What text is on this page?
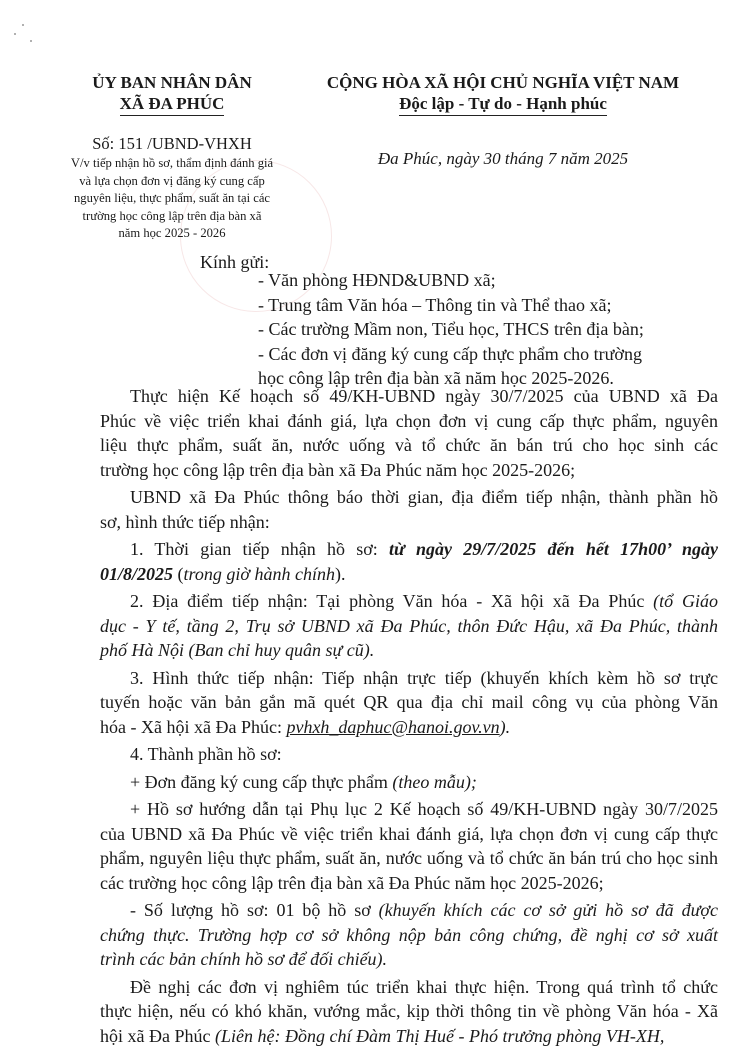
ỦY BAN NHÂN DÂN
XÃ ĐA PHÚC
Số: 151 /UBND-VHXH
V/v tiếp nhận hồ sơ, thẩm định đánh giá
và lựa chọn đơn vị đăng ký cung cấp
nguyên liệu, thực phẩm, suất ăn tại các
trường học công lập trên địa bàn xã
năm học 2025 - 2026
CỘNG HÒA XÃ HỘI CHỦ NGHĨA VIỆT NAM
Độc lập - Tự do - Hạnh phúc
Đa Phúc, ngày 30 tháng 7 năm 2025
Kính gửi:
- Văn phòng HĐND&UBND xã;
- Trung tâm Văn hóa – Thông tin và Thể thao xã;
- Các trường Mầm non, Tiểu học, THCS trên địa bàn;
- Các đơn vị đăng ký cung cấp thực phẩm cho trường
học công lập trên địa bàn xã năm học 2025-2026.
Thực hiện Kế hoạch số 49/KH-UBND ngày 30/7/2025 của UBND xã Đa
Phúc về việc triển khai đánh giá, lựa chọn đơn vị cung cấp thực phẩm, nguyên
liệu thực phẩm, suất ăn, nước uống và tổ chức ăn bán trú cho học sinh các
trường học công lập trên địa bàn xã Đa Phúc năm học 2025-2026;
UBND xã Đa Phúc thông báo thời gian, địa điểm tiếp nhận, thành phần hồ
sơ, hình thức tiếp nhận:
1. Thời gian tiếp nhận hồ sơ: từ ngày 29/7/2025 đến hết 17h00’ ngày
01/8/2025 (trong giờ hành chính).
2. Địa điểm tiếp nhận: Tại phòng Văn hóa - Xã hội xã Đa Phúc (tổ Giáo
dục - Y tế, tầng 2, Trụ sở UBND xã Đa Phúc, thôn Đức Hậu, xã Đa Phúc, thành
phố Hà Nội (Ban chỉ huy quân sự cũ).
3. Hình thức tiếp nhận: Tiếp nhận trực tiếp (khuyến khích kèm hồ sơ trực
tuyến hoặc văn bản gắn mã quét QR qua địa chỉ mail công vụ của phòng Văn
hóa - Xã hội xã Đa Phúc: pvhxh_daphuc@hanoi.gov.vn).
4. Thành phần hồ sơ:
+ Đơn đăng ký cung cấp thực phẩm (theo mẫu);
+ Hồ sơ hướng dẫn tại Phụ lục 2 Kế hoạch số 49/KH-UBND ngày 30/7/2025
của UBND xã Đa Phúc về việc triển khai đánh giá, lựa chọn đơn vị cung cấp thực
phẩm, nguyên liệu thực phẩm, suất ăn, nước uống và tổ chức ăn bán trú cho học sinh
các trường học công lập trên địa bàn xã Đa Phúc năm học 2025-2026;
- Số lượng hồ sơ: 01 bộ hồ sơ (khuyến khích các cơ sở gửi hồ sơ đã được
chứng thực. Trường hợp cơ sở không nộp bản công chứng, đề nghị cơ sở xuất
trình các bản chính hồ sơ để đối chiếu).
Đề nghị các đơn vị nghiêm túc triển khai thực hiện. Trong quá trình tổ chức
thực hiện, nếu có khó khăn, vướng mắc, kịp thời thông tin về phòng Văn hóa - Xã
hội xã Đa Phúc (Liên hệ: Đồng chí Đàm Thị Huế - Phó trưởng phòng VH-XH,
